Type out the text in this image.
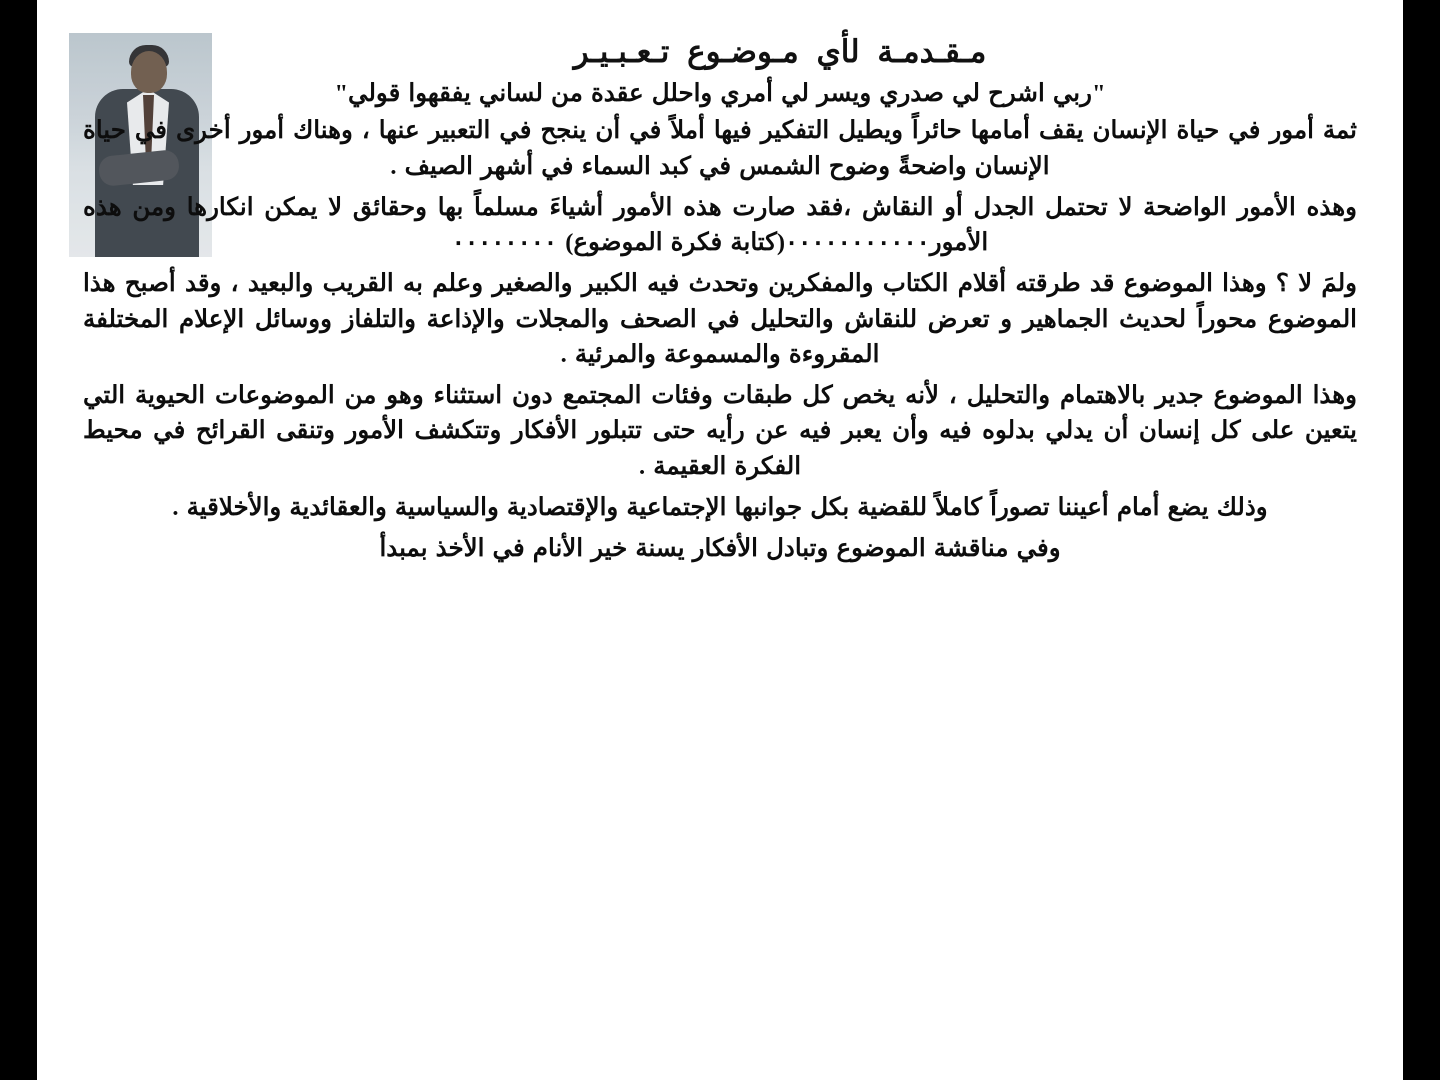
مـقـدمـة لأي مـوضـوع تـعـبـيـر

"ربي اشرح لي صدري ويسر لي أمري واحلل عقدة من لساني يفقهوا قولي"

ثمة أمور في حياة الإنسان يقف أمامها حائراً ويطيل التفكير فيها أملاً في أن ينجح في التعبير عنها ، وهناك أمور أخرى في حياة الإنسان واضحةً وضوح الشمس في كبد السماء في أشهر الصيف .

وهذه الأمور الواضحة لا تحتمل الجدل أو النقاش ،فقد صارت هذه الأمور أشياءَ مسلماً بها وحقائق لا يمكن انكارها ومن هذه الأمور٠٠٠٠٠٠٠٠٠٠٠(كتابة فكرة الموضوع) ٠٠٠٠٠٠٠٠

ولمَ لا ؟ وهذا الموضوع قد طرقته أقلام الكتاب والمفكرين وتحدث فيه الكبير والصغير وعلم به القريب والبعيد ، وقد أصبح هذا الموضوع محوراً لحديث الجماهير و تعرض للنقاش والتحليل في الصحف والمجلات والإذاعة والتلفاز ووسائل الإعلام المختلفة المقروءة والمسموعة والمرئية .

وهذا الموضوع جدير بالاهتمام والتحليل ، لأنه يخص كل طبقات وفئات المجتمع دون استثناء وهو من الموضوعات الحيوية التي يتعين على كل إنسان أن يدلي بدلوه فيه وأن يعبر فيه عن رأيه حتى تتبلور الأفكار وتتكشف الأمور وتنقى القرائح في محيط الفكرة العقيمة .

وذلك يضع أمام أعيننا تصوراً كاملاً للقضية بكل جوانبها الإجتماعية والإقتصادية والسياسية والعقائدية والأخلاقية .

وفي مناقشة الموضوع وتبادل الأفكار يسنة خير الأنام في الأخذ بمبدأ
